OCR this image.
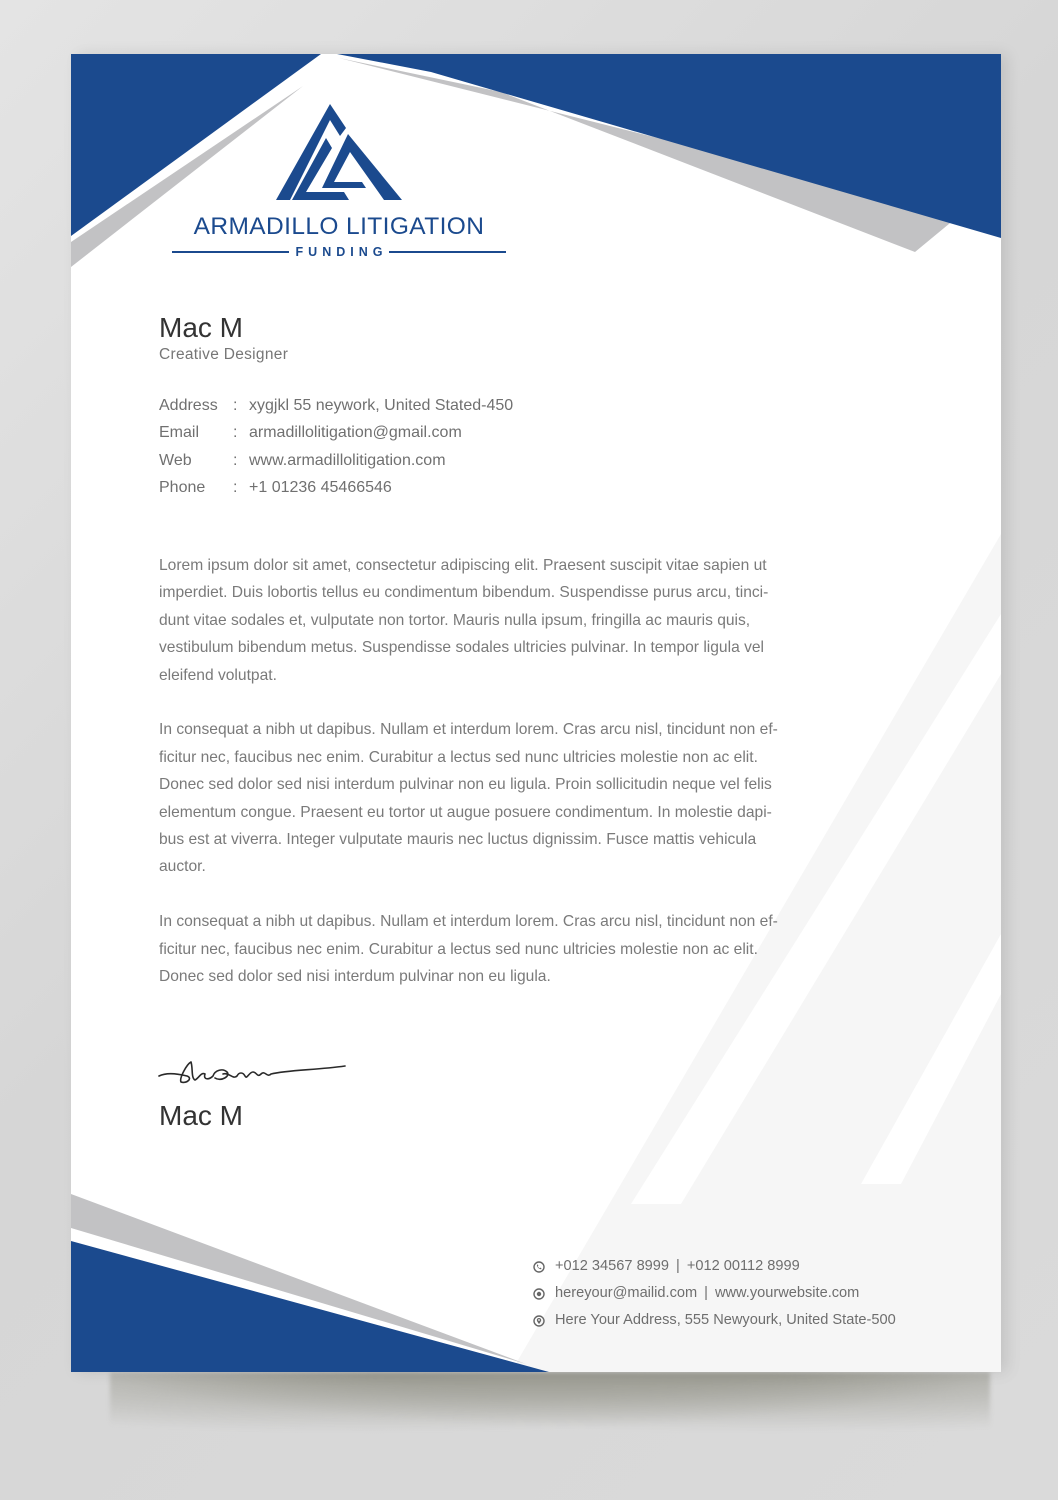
ARMADILLO LITIGATION
FUNDING
Mac M
Creative Designer
Address : xygjkl 55 neywork, United Stated-450
Email : armadillolitigation@gmail.com
Web	: www.armadillolitigation.com
Phone : +1 01236 45466546

Lorem ipsum dolor sit amet, consectetur adipiscing elit. Praesent suscipit vitae sapien ut
imperdiet. Duis lobortis tellus eu condimentum bibendum. Suspendisse purus arcu, tinci-
dunt vitae sodales et, vulputate non tortor. Mauris nulla ipsum, fringilla ac mauris quis,
vestibulum bibendum metus. Suspendisse sodales ultricies pulvinar. In tempor ligula vel
eleifend volutpat.

In consequat a nibh ut dapibus. Nullam et interdum lorem. Cras arcu nisl, tincidunt non ef-
ficitur nec, faucibus nec enim. Curabitur a lectus sed nunc ultricies molestie non ac elit.
Donec sed dolor sed nisi interdum pulvinar non eu ligula. Proin sollicitudin neque vel felis
elementum congue. Praesent eu tortor ut augue posuere condimentum. In molestie dapi-
bus est at viverra. Integer vulputate mauris nec luctus dignissim. Fusce mattis vehicula
auctor.

In consequat a nibh ut dapibus. Nullam et interdum lorem. Cras arcu nisl, tincidunt non ef-
ficitur nec, faucibus nec enim. Curabitur a lectus sed nunc ultricies molestie non ac elit.
Donec sed dolor sed nisi interdum pulvinar non eu ligula.

Mac M
+012 34567 8999 | +012 00112 8999
hereyour@mailid.com | www.yourwebsite.com
Here Your Address, 555 Newyourk, United State-500
